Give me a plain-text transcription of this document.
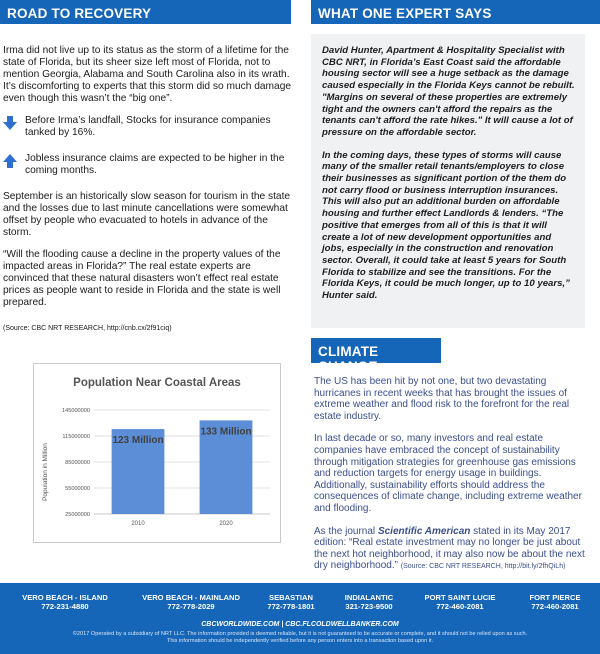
ROAD TO RECOVERY

Irma did not live up to its status as the storm of a lifetime for the state of Florida, but its sheer size left most of Florida, not to mention Georgia, Alabama and South Carolina also in its wrath. It’s discomforting to experts that this storm did so much damage even though this wasn’t the “big one”.

Before Irma’s landfall, Stocks for insurance companies tanked by 16%.
Jobless insurance claims are expected to be higher in the coming months.

September is an historically slow season for tourism in the state and the losses due to last minute cancellations were somewhat offset by people who evacuated to hotels in advance of the storm.

“Will the flooding cause a decline in the property values of the impacted areas in Florida?” The real estate experts are convinced that these natural disasters won’t effect real estate prices as people want to reside in Florida and the state is well prepared.

(Source: CBC NRT RESEARCH, http://cnb.cx/2f91ciq)

Population Near Coastal Areas
Population in Million
25000000
55000000
85000000
115000000
145000000
2010	2020
123 Million
133 Million
WHAT ONE EXPERT SAYS

David Hunter, Apartment & Hospitality Specialist with CBC NRT, in Florida’s East Coast said the affordable housing sector will see a huge setback as the damage caused especially in the Florida Keys cannot be rebuilt. "Margins on several of these properties are extremely tight and the owners can't afford the repairs as the tenants can't afford the rate hikes." It will cause a lot of pressure on the affordable sector.

In the coming days, these types of storms will cause many of the smaller retail tenants/employers to close their businesses as significant portion of the them do not carry flood or business interruption insurances. This will also put an additional burden on affordable housing and further effect Landlords & lenders. “The positive that emerges from all of this is that it will create a lot of new development opportunities and jobs, especially in the construction and renovation sector. Overall, it could take at least 5 years for South Florida to stabilize and see the transitions. For the Florida Keys, it could be much longer, up to 10 years,” Hunter said.

CLIMATE CHANGE

The US has been hit by not one, but two devastating hurricanes in recent weeks that has brought the issues of extreme weather and flood risk to the forefront for the real estate industry.

In last decade or so, many investors and real estate companies have embraced the concept of sustainability through mitigation strategies for greenhouse gas emissions and reduction targets for energy usage in buildings. Additionally, sustainability efforts should address the consequences of climate change, including extreme weather and flooding.

As the journal Scientific American stated in its May 2017 edition: “Real estate investment may no longer be just about the next hot neighborhood, it may also now be about the next dry neighborhood.” (Source: CBC NRT RESEARCH, http://bit.ly/2fhQiLh)

VERO BEACH - ISLAND
772-231-4880
VERO BEACH - MAINLAND
772-778-2029
SEBASTIAN
772-778-1801
INDIALANTIC
321-723-9500
PORT SAINT LUCIE
772-460-2081
FORT PIERCE
772-460-2081
CBCWORLDWIDE.COM | CBC.FLCOLDWELLBANKER.COM
©2017 Operated by a subsidiary of NRT LLC. The information provided is deemed reliable, but it is not guaranteed to be accurate or complete, and it should not be relied upon as such.
This information should be independently verified before any person enters into a transaction based upon it.
